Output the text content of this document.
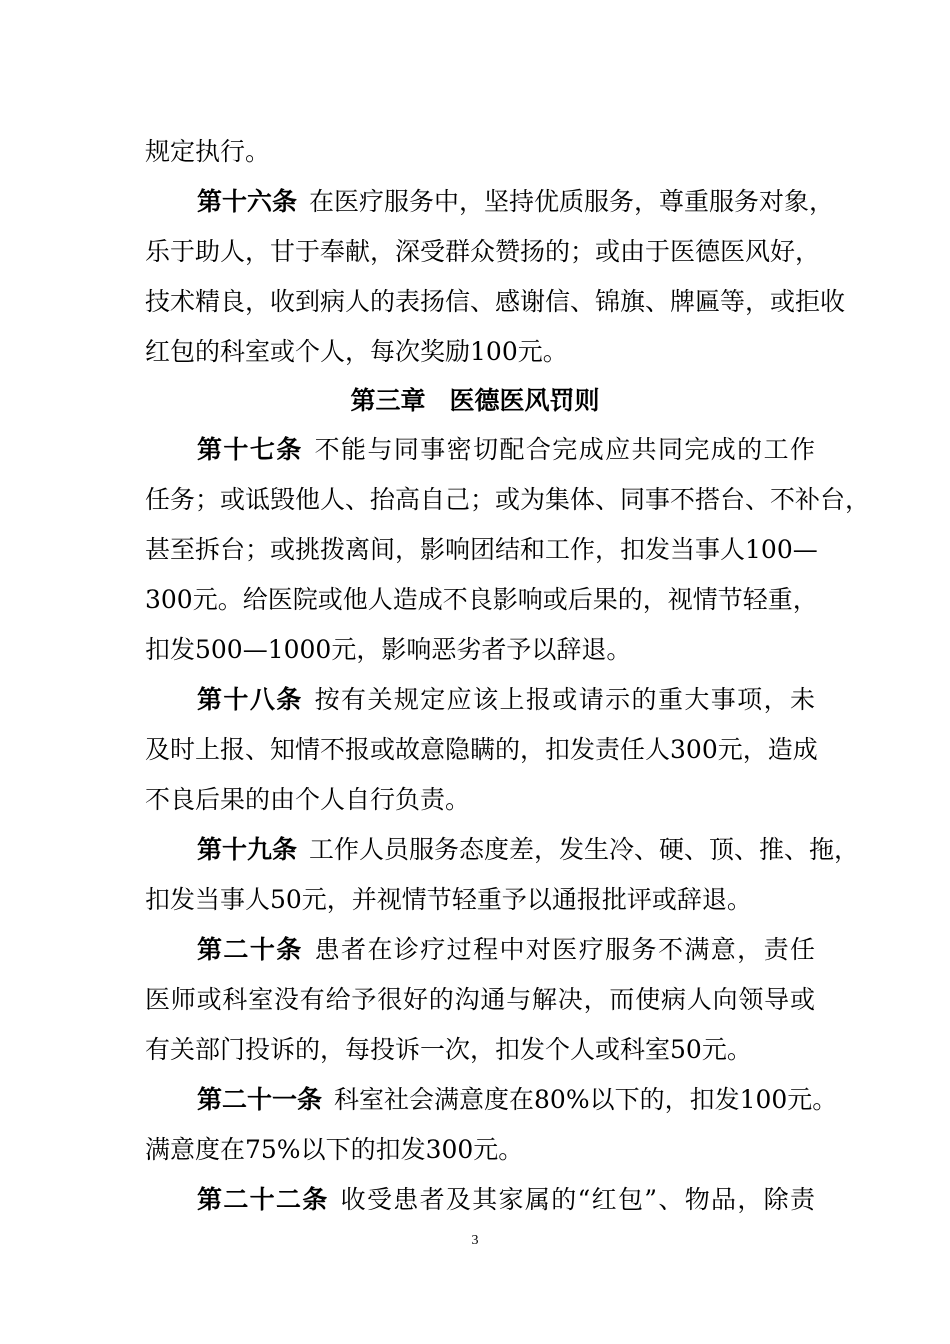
规定执行。
第十六条 在医疗服务中，坚持优质服务，尊重服务对象，
乐于助人，甘于奉献，深受群众赞扬的；或由于医德医风好，
技术精良，收到病人的表扬信、感谢信、锦旗、牌匾等，或拒收
红包的科室或个人，每次奖励100元。
第三章 医德医风罚则
第十七条 不能与同事密切配合完成应共同完成的工作
任务；或诋毁他人、抬高自己；或为集体、同事不搭台、不补台，
甚至拆台；或挑拨离间，影响团结和工作，扣发当事人100—
300元。给医院或他人造成不良影响或后果的，视情节轻重，
扣发500—1000元，影响恶劣者予以辞退。
第十八条 按有关规定应该上报或请示的重大事项，未
及时上报、知情不报或故意隐瞒的，扣发责任人300元，造成
不良后果的由个人自行负责。
第十九条 工作人员服务态度差，发生冷、硬、顶、推、拖，
扣发当事人50元，并视情节轻重予以通报批评或辞退。
第二十条 患者在诊疗过程中对医疗服务不满意，责任
医师或科室没有给予很好的沟通与解决，而使病人向领导或
有关部门投诉的，每投诉一次，扣发个人或科室50元。
第二十一条 科室社会满意度在80%以下的，扣发100元。
满意度在75%以下的扣发300元。
第二十二条 收受患者及其家属的“红包”、物品，除责
3
